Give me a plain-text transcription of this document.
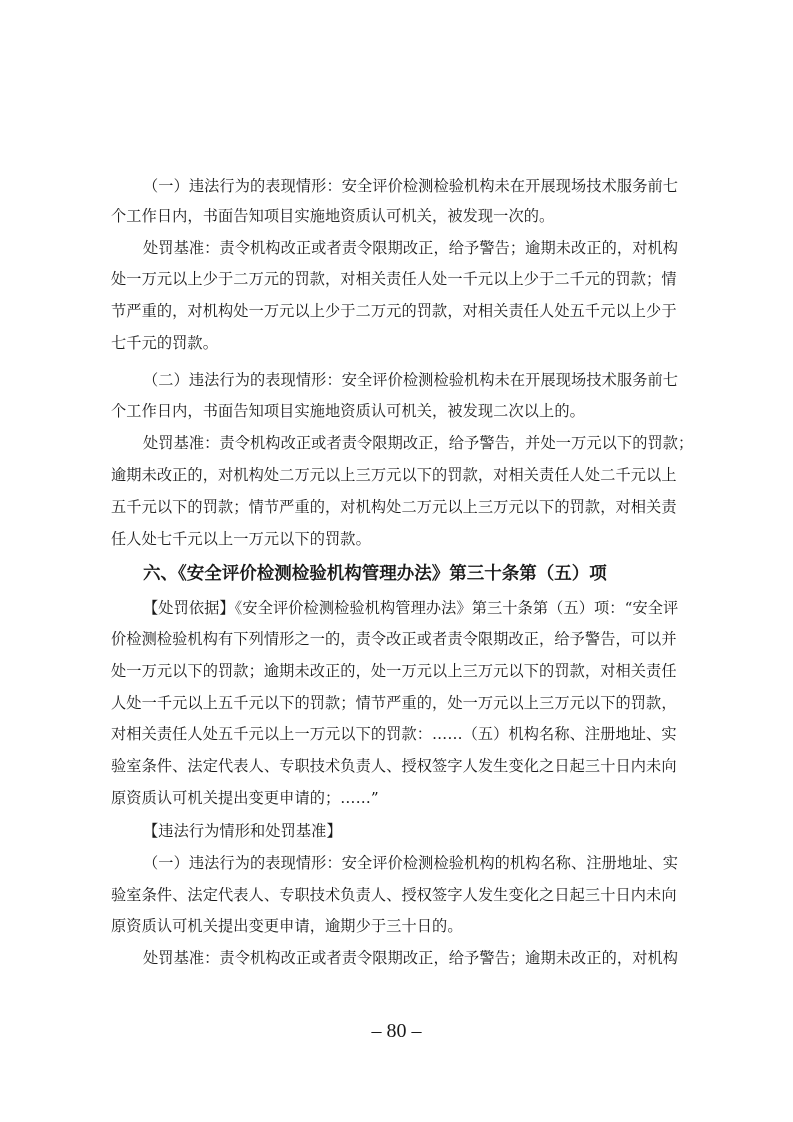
（一）违法行为的表现情形：安全评价检测检验机构未在开展现场技术服务前七
个工作日内，书面告知项目实施地资质认可机关，被发现一次的。
处罚基准：责令机构改正或者责令限期改正，给予警告；逾期未改正的，对机构
处一万元以上少于二万元的罚款，对相关责任人处一千元以上少于二千元的罚款；情
节严重的，对机构处一万元以上少于二万元的罚款，对相关责任人处五千元以上少于
七千元的罚款。
（二）违法行为的表现情形：安全评价检测检验机构未在开展现场技术服务前七
个工作日内，书面告知项目实施地资质认可机关，被发现二次以上的。
处罚基准：责令机构改正或者责令限期改正，给予警告，并处一万元以下的罚款；
逾期未改正的，对机构处二万元以上三万元以下的罚款，对相关责任人处二千元以上
五千元以下的罚款；情节严重的，对机构处二万元以上三万元以下的罚款，对相关责
任人处七千元以上一万元以下的罚款。
六、《安全评价检测检验机构管理办法》第三十条第（五）项
【处罚依据】《安全评价检测检验机构管理办法》第三十条第（五）项：“安全评
价检测检验机构有下列情形之一的，责令改正或者责令限期改正，给予警告，可以并
处一万元以下的罚款；逾期未改正的，处一万元以上三万元以下的罚款，对相关责任
人处一千元以上五千元以下的罚款；情节严重的，处一万元以上三万元以下的罚款，
对相关责任人处五千元以上一万元以下的罚款：……（五）机构名称、注册地址、实
验室条件、法定代表人、专职技术负责人、授权签字人发生变化之日起三十日内未向
原资质认可机关提出变更申请的；……”
【违法行为情形和处罚基准】
（一）违法行为的表现情形：安全评价检测检验机构的机构名称、注册地址、实
验室条件、法定代表人、专职技术负责人、授权签字人发生变化之日起三十日内未向
原资质认可机关提出变更申请，逾期少于三十日的。
处罚基准：责令机构改正或者责令限期改正，给予警告；逾期未改正的，对机构
– 80 –
